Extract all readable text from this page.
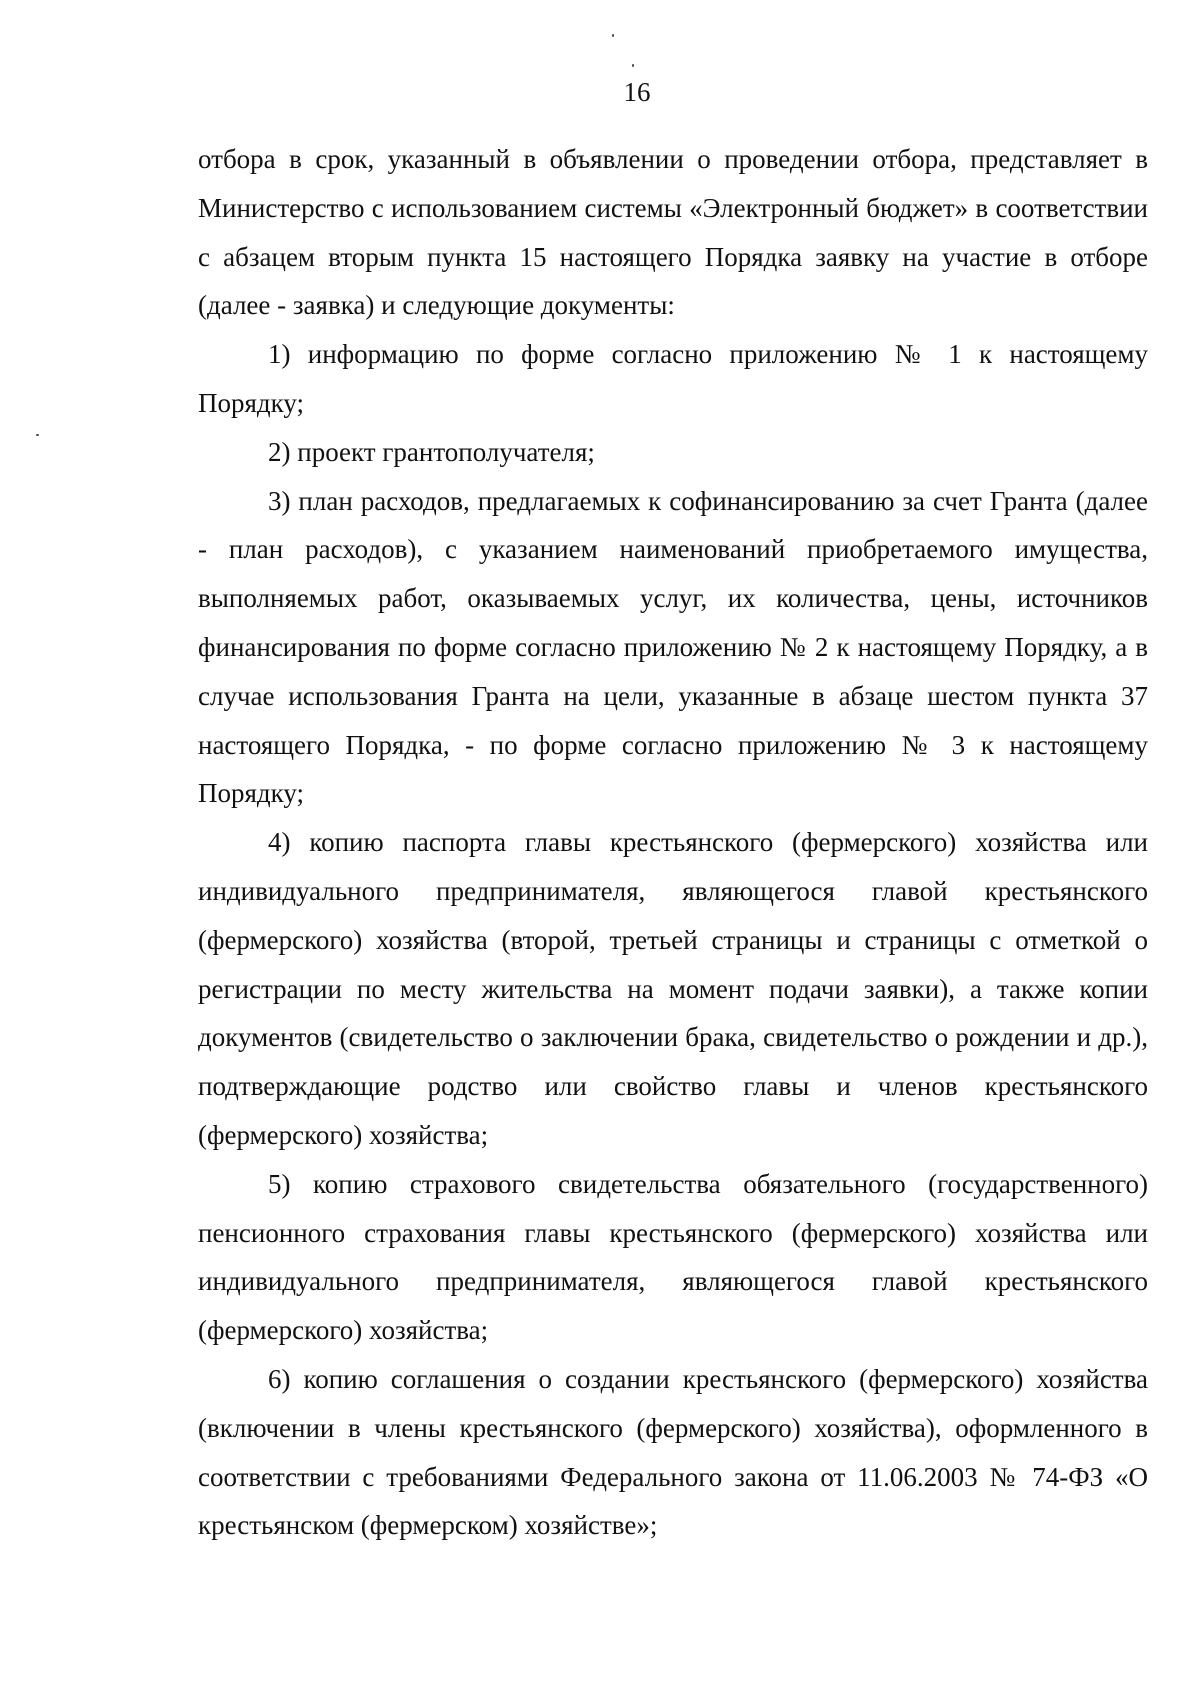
16

отбора в срок, указанный в объявлении о проведении отбора, представляет в Министерство с использованием системы «Электронный бюджет» в соответствии с абзацем вторым пункта 15 настоящего Порядка заявку на участие в отборе (далее - заявка) и следующие документы:

1) информацию по форме согласно приложению № 1 к настоящему Порядку;

2) проект грантополучателя;

3) план расходов, предлагаемых к софинансированию за счет Гранта (далее - план расходов), с указанием наименований приобретаемого имущества, выполняемых работ, оказываемых услуг, их количества, цены, источников финансирования по форме согласно приложению № 2 к настоящему Порядку, а в случае использования Гранта на цели, указанные в абзаце шестом пункта 37 настоящего Порядка, - по форме согласно приложению № 3 к настоящему Порядку;

4) копию паспорта главы крестьянского (фермерского) хозяйства или индивидуального предпринимателя, являющегося главой крестьянского (фермерского) хозяйства (второй, третьей страницы и страницы с отметкой о регистрации по месту жительства на момент подачи заявки), а также копии документов (свидетельство о заключении брака, свидетельство о рождении и др.), подтверждающие родство или свойство главы и членов крестьянского (фермерского) хозяйства;

5) копию страхового свидетельства обязательного (государственного) пенсионного страхования главы крестьянского (фермерского) хозяйства или индивидуального предпринимателя, являющегося главой крестьянского (фермерского) хозяйства;

6) копию соглашения о создании крестьянского (фермерского) хозяйства (включении в члены крестьянского (фермерского) хозяйства), оформленного в соответствии с требованиями Федерального закона от 11.06.2003 № 74-ФЗ «О крестьянском (фермерском) хозяйстве»;
